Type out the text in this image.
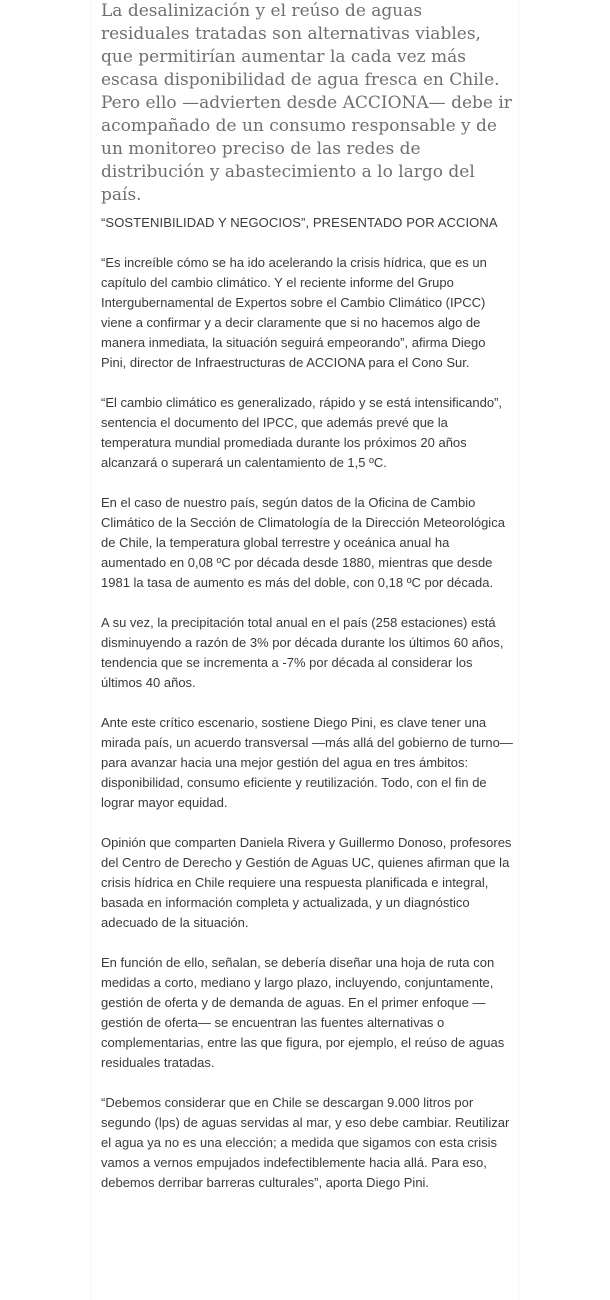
La desalinización y el reúso de aguas residuales tratadas son alternativas viables, que permitirían aumentar la cada vez más escasa disponibilidad de agua fresca en Chile. Pero ello —advierten desde ACCIONA— debe ir acompañado de un consumo responsable y de un monitoreo preciso de las redes de distribución y abastecimiento a lo largo del país.

“SOSTENIBILIDAD Y NEGOCIOS”, PRESENTADO POR ACCIONA

“Es increíble cómo se ha ido acelerando la crisis hídrica, que es un capítulo del cambio climático. Y el reciente informe del Grupo Intergubernamental de Expertos sobre el Cambio Climático (IPCC) viene a confirmar y a decir claramente que si no hacemos algo de manera inmediata, la situación seguirá empeorando”, afirma Diego Pini, director de Infraestructuras de ACCIONA para el Cono Sur.

“El cambio climático es generalizado, rápido y se está intensificando”, sentencia el documento del IPCC, que además prevé que la temperatura mundial promediada durante los próximos 20 años alcanzará o superará un calentamiento de 1,5 ºC.

En el caso de nuestro país, según datos de la Oficina de Cambio Climático de la Sección de Climatología de la Dirección Meteorológica de Chile, la temperatura global terrestre y oceánica anual ha aumentado en 0,08 ºC por década desde 1880, mientras que desde 1981 la tasa de aumento es más del doble, con 0,18 ºC por década.

A su vez, la precipitación total anual en el país (258 estaciones) está disminuyendo a razón de 3% por década durante los últimos 60 años, tendencia que se incrementa a -7% por década al considerar los últimos 40 años.

Ante este crítico escenario, sostiene Diego Pini, es clave tener una mirada país, un acuerdo transversal —más allá del gobierno de turno— para avanzar hacia una mejor gestión del agua en tres ámbitos: disponibilidad, consumo eficiente y reutilización. Todo, con el fin de lograr mayor equidad.

Opinión que comparten Daniela Rivera y Guillermo Donoso, profesores del Centro de Derecho y Gestión de Aguas UC, quienes afirman que la crisis hídrica en Chile requiere una respuesta planificada e integral, basada en información completa y actualizada, y un diagnóstico adecuado de la situación.

En función de ello, señalan, se debería diseñar una hoja de ruta con medidas a corto, mediano y largo plazo, incluyendo, conjuntamente, gestión de oferta y de demanda de aguas. En el primer enfoque —gestión de oferta— se encuentran las fuentes alternativas o complementarias, entre las que figura, por ejemplo, el reúso de aguas residuales tratadas.

“Debemos considerar que en Chile se descargan 9.000 litros por segundo (lps) de aguas servidas al mar, y eso debe cambiar. Reutilizar el agua ya no es una elección; a medida que sigamos con esta crisis vamos a vernos empujados indefectiblemente hacia allá. Para eso, debemos derribar barreras culturales”, aporta Diego Pini.
